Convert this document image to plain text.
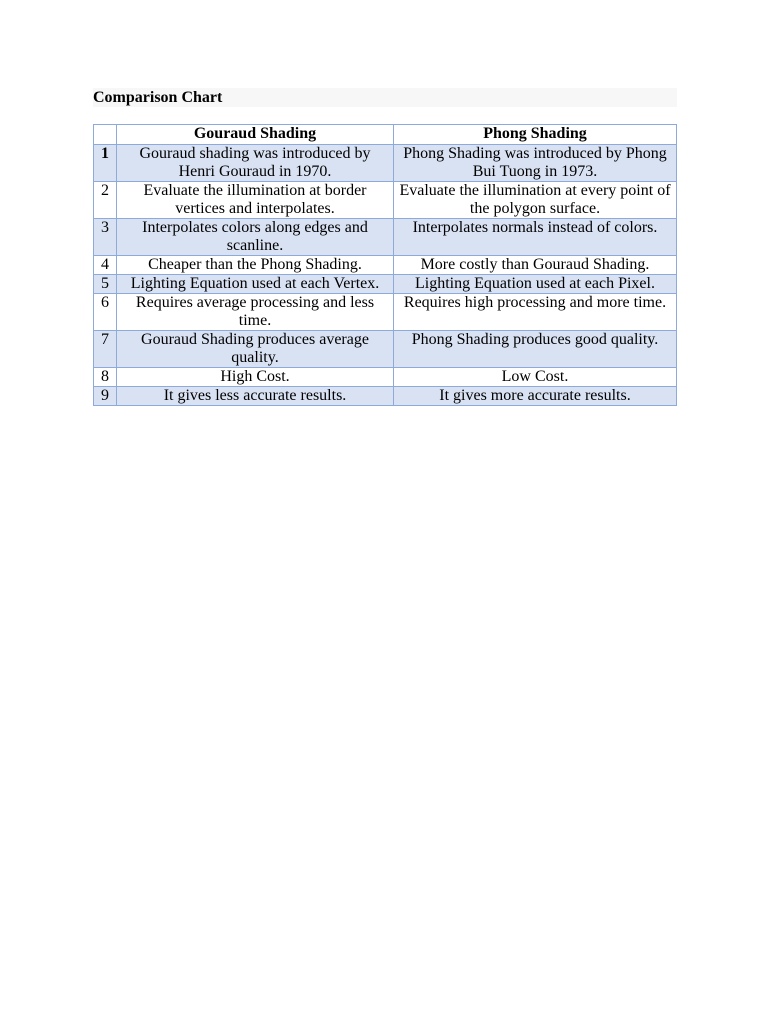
Comparison Chart
	Gouraud Shading	Phong Shading
1	Gouraud shading was introduced by Henri Gouraud in 1970.	Phong Shading was introduced by Phong Bui Tuong in 1973.
2	Evaluate the illumination at border vertices and interpolates.	Evaluate the illumination at every point of the polygon surface.
3	Interpolates colors along edges and scanline.	Interpolates normals instead of colors.
4	Cheaper than the Phong Shading.	More costly than Gouraud Shading.
5	Lighting Equation used at each Vertex.	Lighting Equation used at each Pixel.
6	Requires average processing and less time.	Requires high processing and more time.
7	Gouraud Shading produces average quality.	Phong Shading produces good quality.
8	High Cost.	Low Cost.
9	It gives less accurate results.	It gives more accurate results.
